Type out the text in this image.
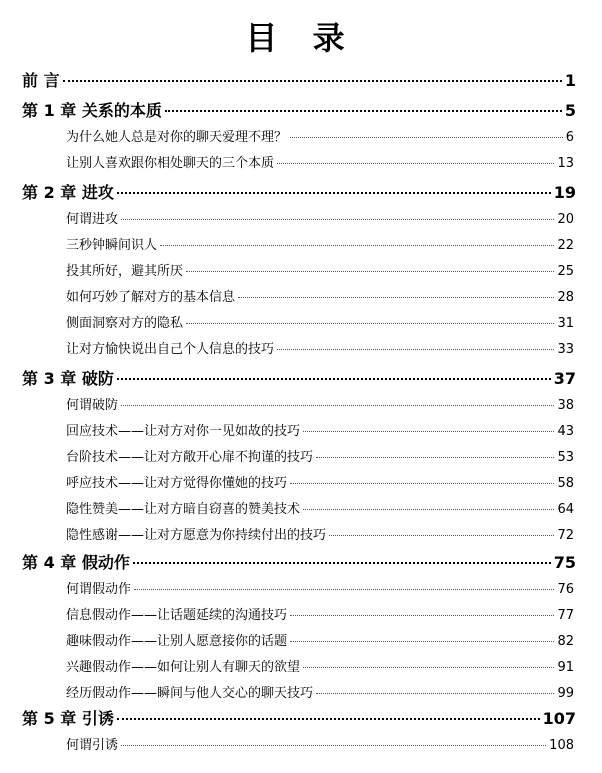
目 录
前 言	1
第 1 章 关系的本质	5
为什么她人总是对你的聊天爱理不理？	6
让别人喜欢跟你相处聊天的三个本质	13
第 2 章 进攻	19
何谓进攻	20
三秒钟瞬间识人	22
投其所好，避其所厌	25
如何巧妙了解对方的基本信息	28
侧面洞察对方的隐私	31
让对方愉快说出自己个人信息的技巧	33
第 3 章 破防	37
何谓破防	38
回应技术——让对方对你一见如故的技巧	43
台阶技术——让对方敞开心扉不拘谨的技巧	53
呼应技术——让对方觉得你懂她的技巧	58
隐性赞美——让对方暗自窃喜的赞美技术	64
隐性感谢——让对方愿意为你持续付出的技巧	72
第 4 章 假动作	75
何谓假动作	76
信息假动作——让话题延续的沟通技巧	77
趣味假动作——让别人愿意接你的话题	82
兴趣假动作——如何让别人有聊天的欲望	91
经历假动作——瞬间与他人交心的聊天技巧	99
第 5 章 引诱	107
何谓引诱	108
